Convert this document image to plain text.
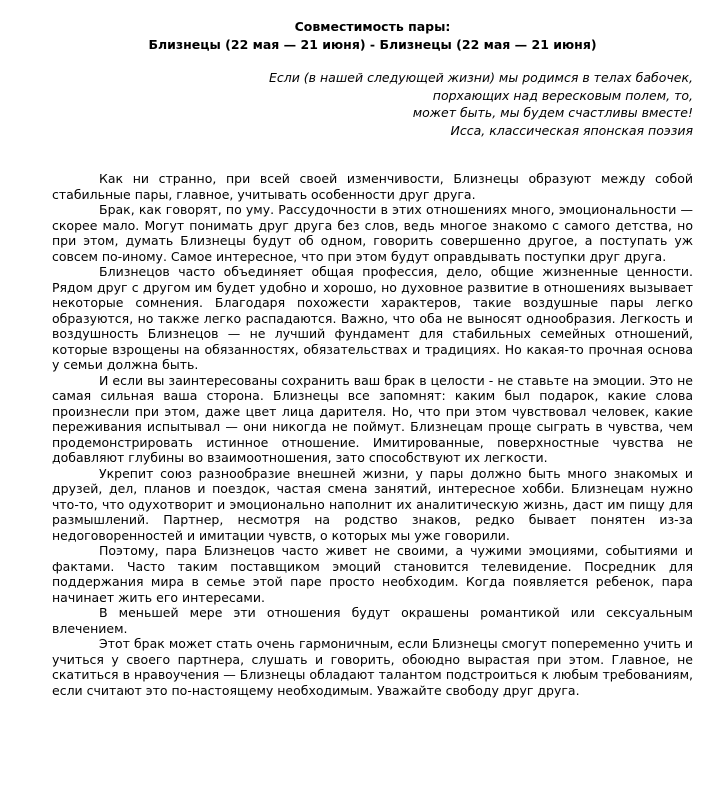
Совместимость пары:
Близнецы (22 мая — 21 июня) - Близнецы (22 мая — 21 июня)
Если (в нашей следующей жизни) мы родимся в телах бабочек,
порхающих над вересковым полем, то,
может быть, мы будем счастливы вместе!
Исса, классическая японская поэзия

Как ни странно, при всей своей изменчивости, Близнецы образуют между собой стабильные пары, главное, учитывать особенности друг друга.

Брак, как говорят, по уму. Рассудочности в этих отношениях много, эмоциональности — скорее мало. Могут понимать друг друга без слов, ведь многое знакомо с самого детства, но при этом, думать Близнецы будут об одном, говорить совершенно другое, а поступать уж совсем по-иному. Самое интересное, что при этом будут оправдывать поступки друг друга.

Близнецов часто объединяет общая профессия, дело, общие жизненные ценности. Рядом друг с другом им будет удобно и хорошо, но духовное развитие в отношениях вызывает некоторые сомнения. Благодаря похожести характеров, такие воздушные пары легко образуются, но также легко распадаются. Важно, что оба не выносят однообразия. Легкость и воздушность Близнецов — не лучший фундамент для стабильных семейных отношений, которые взрощены на обязанностях, обязательствах и традициях. Но какая-то прочная основа у семьи должна быть.

И если вы заинтересованы сохранить ваш брак в целости - не ставьте на эмоции. Это не самая сильная ваша сторона. Близнецы все запомнят: каким был подарок, какие слова произнесли при этом, даже цвет лица дарителя. Но, что при этом чувствовал человек, какие переживания испытывал — они никогда не поймут. Близнецам проще сыграть в чувства, чем продемонстрировать истинное отношение. Имитированные, поверхностные чувства не добавляют глубины во взаимоотношения, зато способствуют их легкости.

Укрепит союз разнообразие внешней жизни, у пары должно быть много знакомых и друзей, дел, планов и поездок, частая смена занятий, интересное хобби. Близнецам нужно что-то, что одухотворит и эмоционально наполнит их аналитическую жизнь, даст им пищу для размышлений. Партнер, несмотря на родство знаков, редко бывает понятен из-за недоговоренностей и имитации чувств, о которых мы уже говорили.

Поэтому, пара Близнецов часто живет не своими, а чужими эмоциями, событиями и фактами. Часто таким поставщиком эмоций становится телевидение. Посредник для поддержания мира в семье этой паре просто необходим. Когда появляется ребенок, пара начинает жить его интересами.

В меньшей мере эти отношения будут окрашены романтикой или сексуальным влечением.

Этот брак может стать очень гармоничным, если Близнецы смогут попеременно учить и учиться у своего партнера, слушать и говорить, обоюдно вырастая при этом. Главное, не скатиться в нравоучения — Близнецы обладают талантом подстроиться к любым требованиям, если считают это по-настоящему необходимым. Уважайте свободу друг друга.
